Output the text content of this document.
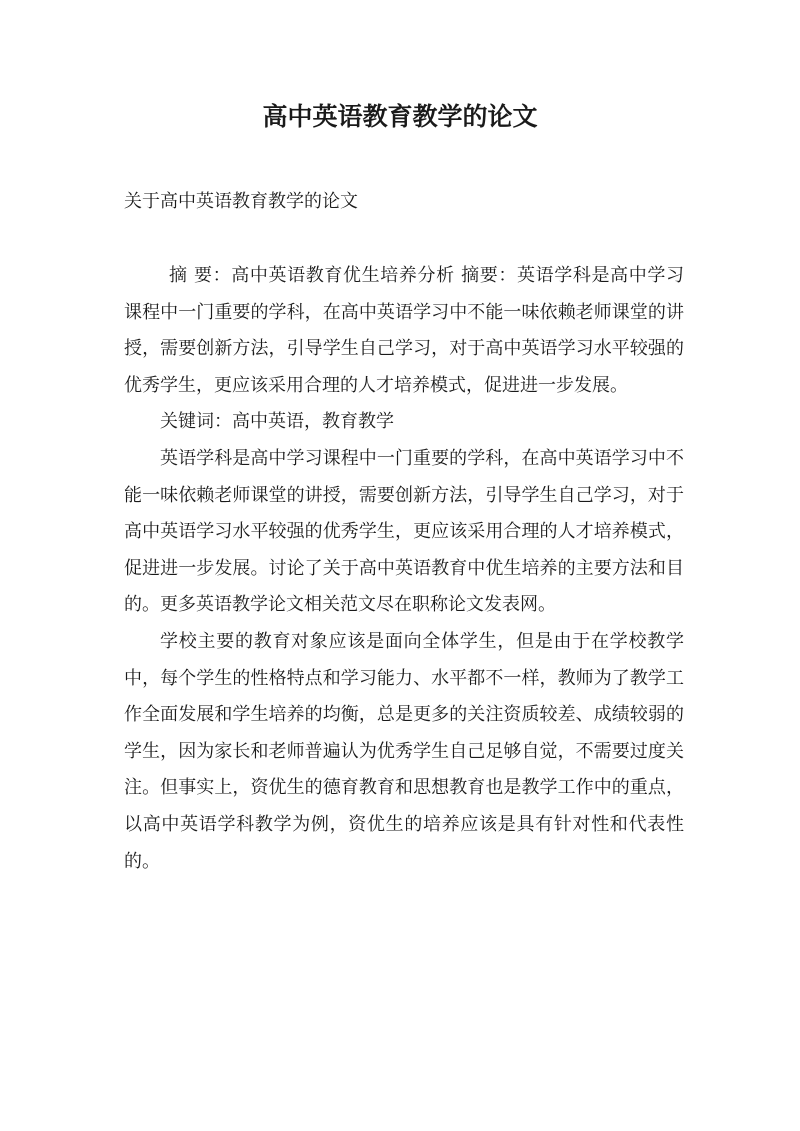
高中英语教育教学的论文

关于高中英语教育教学的论文

摘 要：高中英语教育优生培养分析 摘要：英语学科是高中学习课程中一门重要的学科，在高中英语学习中不能一味依赖老师课堂的讲授，需要创新方法，引导学生自己学习，对于高中英语学习水平较强的优秀学生，更应该采用合理的人才培养模式，促进进一步发展。

关键词：高中英语，教育教学

英语学科是高中学习课程中一门重要的学科，在高中英语学习中不能一味依赖老师课堂的讲授，需要创新方法，引导学生自己学习，对于高中英语学习水平较强的优秀学生，更应该采用合理的人才培养模式，促进进一步发展。讨论了关于高中英语教育中优生培养的主要方法和目的。更多英语教学论文相关范文尽在职称论文发表网。

学校主要的教育对象应该是面向全体学生，但是由于在学校教学中，每个学生的性格特点和学习能力、水平都不一样，教师为了教学工作全面发展和学生培养的均衡，总是更多的关注资质较差、成绩较弱的学生，因为家长和老师普遍认为优秀学生自己足够自觉，不需要过度关注。但事实上，资优生的德育教育和思想教育也是教学工作中的重点，以高中英语学科教学为例，资优生的培养应该是具有针对性和代表性的。
